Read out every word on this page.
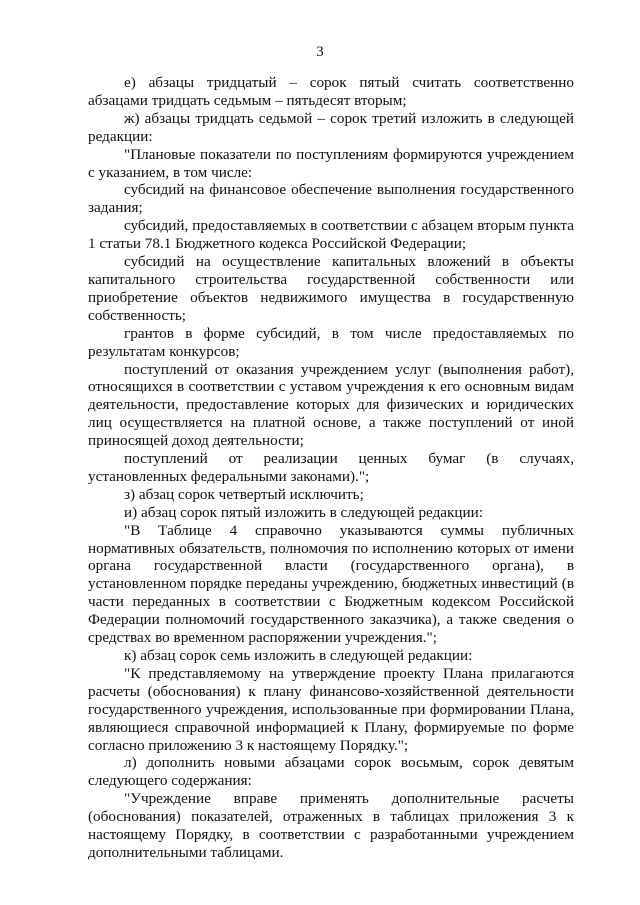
3

е) абзацы тридцатый – сорок пятый считать соответственно абзацами тридцать седьмым – пятьдесят вторым;

ж) абзацы тридцать седьмой – сорок третий изложить в следующей редакции:

"Плановые показатели по поступлениям формируются учреждением с указанием, в том числе:

субсидий на финансовое обеспечение выполнения государственного задания;

субсидий, предоставляемых в соответствии с абзацем вторым пункта 1 статьи 78.1 Бюджетного кодекса Российской Федерации;

субсидий на осуществление капитальных вложений в объекты капитального строительства государственной собственности или приобретение объектов недвижимого имущества в государственную собственность;

грантов в форме субсидий, в том числе предоставляемых по результатам конкурсов;

поступлений от оказания учреждением услуг (выполнения работ), относящихся в соответствии с уставом учреждения к его основным видам деятельности, предоставление которых для физических и юридических лиц осуществляется на платной основе, а также поступлений от иной приносящей доход деятельности;

поступлений от реализации ценных бумаг (в случаях, установленных федеральными законами).";

з) абзац сорок четвертый исключить;

и) абзац сорок пятый изложить в следующей редакции:

"В Таблице 4 справочно указываются суммы публичных нормативных обязательств, полномочия по исполнению которых от имени органа государственной власти (государственного органа), в установленном порядке переданы учреждению, бюджетных инвестиций (в части переданных в соответствии с Бюджетным кодексом Российской Федерации полномочий государственного заказчика), а также сведения о средствах во временном распоряжении учреждения.";

к) абзац сорок семь изложить в следующей редакции:

"К представляемому на утверждение проекту Плана прилагаются расчеты (обоснования) к плану финансово-хозяйственной деятельности государственного учреждения, использованные при формировании Плана, являющиеся справочной информацией к Плану, формируемые по форме согласно приложению 3 к настоящему Порядку.";

л) дополнить новыми абзацами сорок восьмым, сорок девятым следующего содержания:

"Учреждение вправе применять дополнительные расчеты (обоснования) показателей, отраженных в таблицах приложения 3 к настоящему Порядку, в соответствии с разработанными учреждением дополнительными таблицами.
